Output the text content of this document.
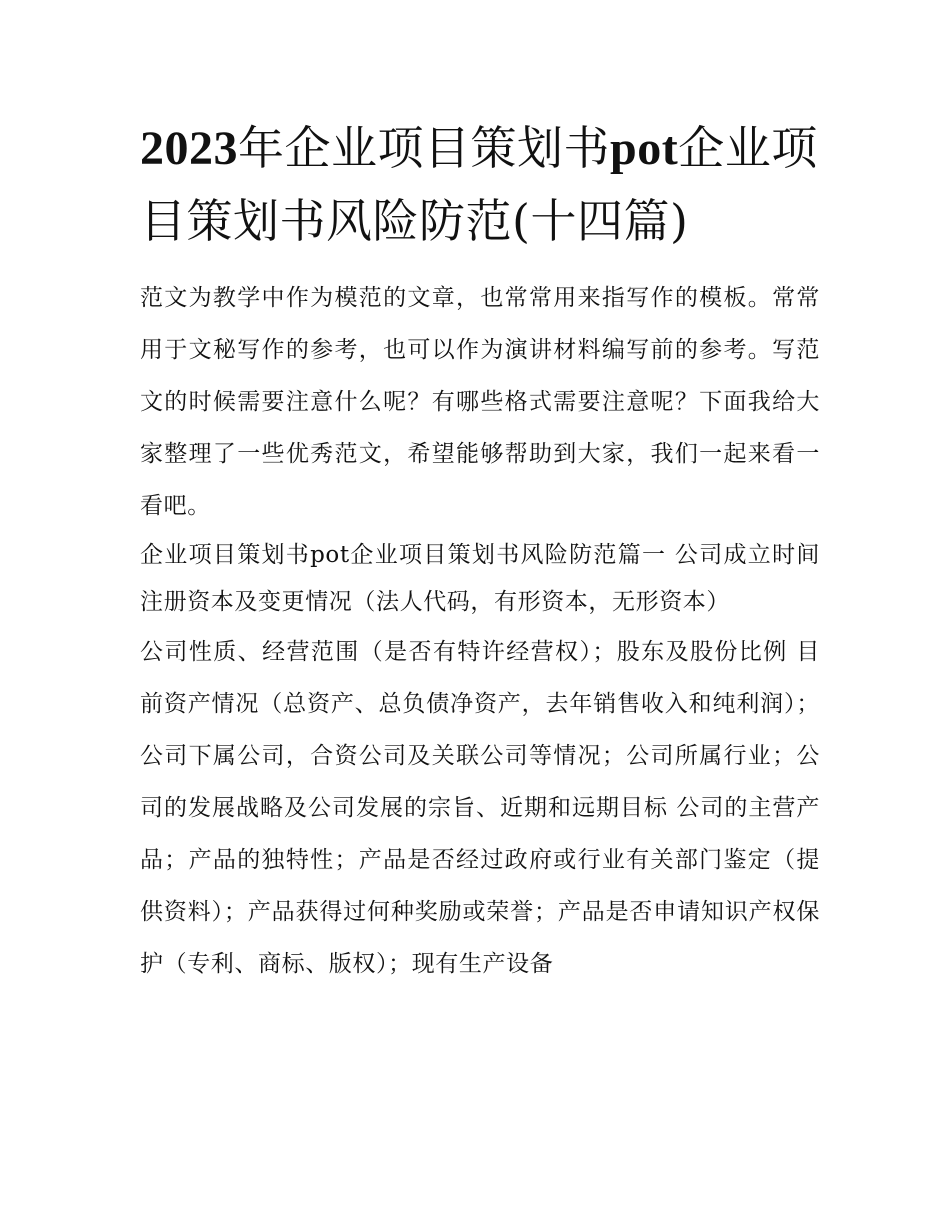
2023年企业项目策划书pot企业项目策划书风险防范(十四篇)

范文为教学中作为模范的文章，也常常用来指写作的模板。常常用于文秘写作的参考，也可以作为演讲材料编写前的参考。写范文的时候需要注意什么呢？有哪些格式需要注意呢？下面我给大家整理了一些优秀范文，希望能够帮助到大家，我们一起来看一看吧。

企业项目策划书pot企业项目策划书风险防范篇一 公司成立时间 注册资本及变更情况（法人代码，有形资本，无形资本）

公司性质、经营范围（是否有特许经营权）；股东及股份比例 目前资产情况（总资产、总负债净资产，去年销售收入和纯利润）；公司下属公司，合资公司及关联公司等情况；公司所属行业；公司的发展战略及公司发展的宗旨、近期和远期目标 公司的主营产品；产品的独特性；产品是否经过政府或行业有关部门鉴定（提供资料）；产品获得过何种奖励或荣誉；产品是否申请知识产权保护（专利、商标、版权）；现有生产设备
